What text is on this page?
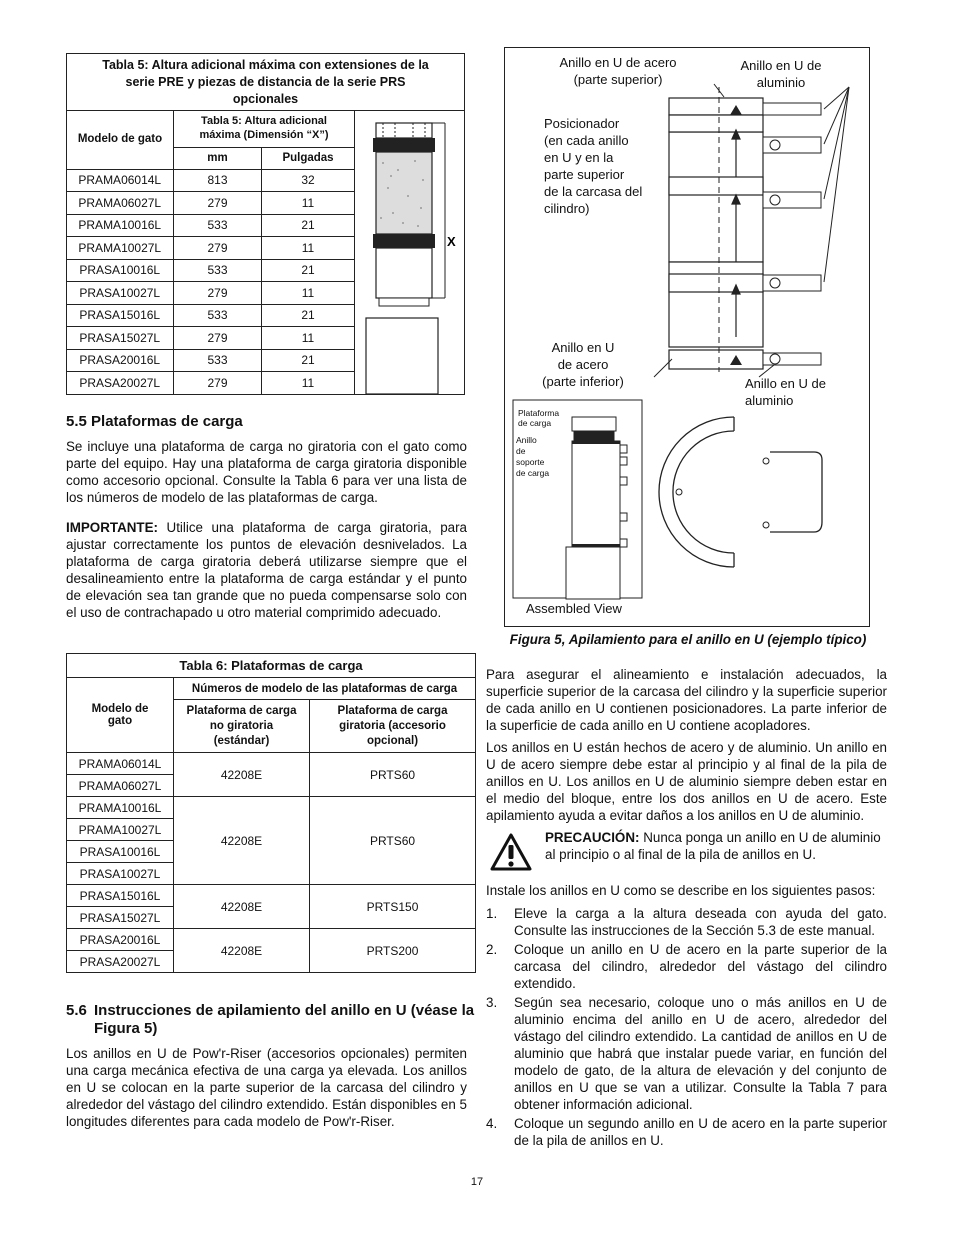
Tabla 5: Altura adicional máxima con extensiones de la serie PRE y piezas de distancia de la serie PRS opcionales
Modelo de gato	Tabla 5: Altura adicional máxima (Dimensión “X”)	
	mm	Pulgadas
PRAMA06014L	813	32
PRAMA06027L	279	11
PRAMA10016L	533	21
PRAMA10027L	279	11
PRASA10016L	533	21
PRASA10027L	279	11
PRASA15016L	533	21
PRASA15027L	279	11
PRASA20016L	533	21
PRASA20027L	279	11
X
5.5 Plataformas de carga

Se incluye una plataforma de carga no giratoria con el gato como parte del equipo. Hay una plataforma de carga giratoria disponible como accesorio opcional. Consulte la Tabla 6 para ver una lista de los números de modelo de las plataformas de carga.

IMPORTANTE: Utilice una plataforma de carga giratoria, para ajustar correctamente los puntos de elevación desnivelados. La plataforma de carga giratoria deberá utilizarse siempre que el desalineamiento entre la plataforma de carga estándar y el punto de elevación sea tan grande que no pueda compensarse solo con el uso de contrachapado u otro material comprimido adecuado.

Tabla 6: Plataformas de carga		
Modelo de gato	Números de modelo de las plataformas de carga	
	Plataforma de carga no giratoria (estándar)	Plataforma de carga giratoria (accesorio opcional)
PRAMA06014L	42208E	PRTS60
PRAMA06027L		
PRAMA10016L	42208E	PRTS60
PRAMA10027L		
PRASA10016L		
PRASA10027L		
PRASA15016L	42208E	PRTS150
PRASA15027L		
PRASA20016L	42208E	PRTS200
PRASA20027L		
5.6 Instrucciones de apilamiento del anillo en U (véase la Figura 5)

Los anillos en U de Pow'r-Riser (accesorios opcionales) permiten una carga mecánica efectiva de una carga ya elevada. Los anillos en U se colocan en la parte superior de la carcasa del cilindro y alrededor del vástago del cilindro extendido. Están disponibles en 5 longitudes diferentes para cada modelo de Pow'r-Riser.

Anillo en U de acero
(parte superior)
Anillo en U de
aluminio
Posicionador
(en cada anillo
en U y en la
parte superior
de la carcasa del
cilindro)
Anillo en U
de acero
(parte inferior)	Anillo en U de
aluminio
Plataforma
de carga
Anillo
de
soporte
de carga
Assembled View
Figura 5, Apilamiento para el anillo en U (ejemplo típico)

Para asegurar el alineamiento e instalación adecuados, la superficie superior de la carcasa del cilindro y la superficie superior de cada anillo en U contienen posicionadores. La parte inferior de la superficie de cada anillo en U contiene acopladores.

Los anillos en U están hechos de acero y de aluminio. Un anillo en U de acero siempre debe estar al principio y al final de la pila de anillos en U. Los anillos en U de aluminio siempre deben estar en el medio del bloque, entre los dos anillos en U de acero. Este apilamiento ayuda a evitar daños a los anillos en U de aluminio.

PRECAUCIÓN: Nunca ponga un anillo en U de aluminio al principio o al final de la pila de anillos en U.

Instale los anillos en U como se describe en los siguientes pasos:

1. Eleve la carga a la altura deseada con ayuda del gato. Consulte las instrucciones de la Sección 5.3 de este manual.
2. Coloque un anillo en U de acero en la parte superior de la carcasa del cilindro, alrededor del vástago del cilindro extendido.
3. Según sea necesario, coloque uno o más anillos en U de aluminio encima del anillo en U de acero, alrededor del vástago del cilindro extendido. La cantidad de anillos en U de aluminio que habrá que instalar puede variar, en función del modelo de gato, de la altura de elevación y del conjunto de anillos en U que se van a utilizar. Consulte la Tabla 7 para obtener información adicional.
4. Coloque un segundo anillo en U de acero en la parte superior de la pila de anillos en U.
17
